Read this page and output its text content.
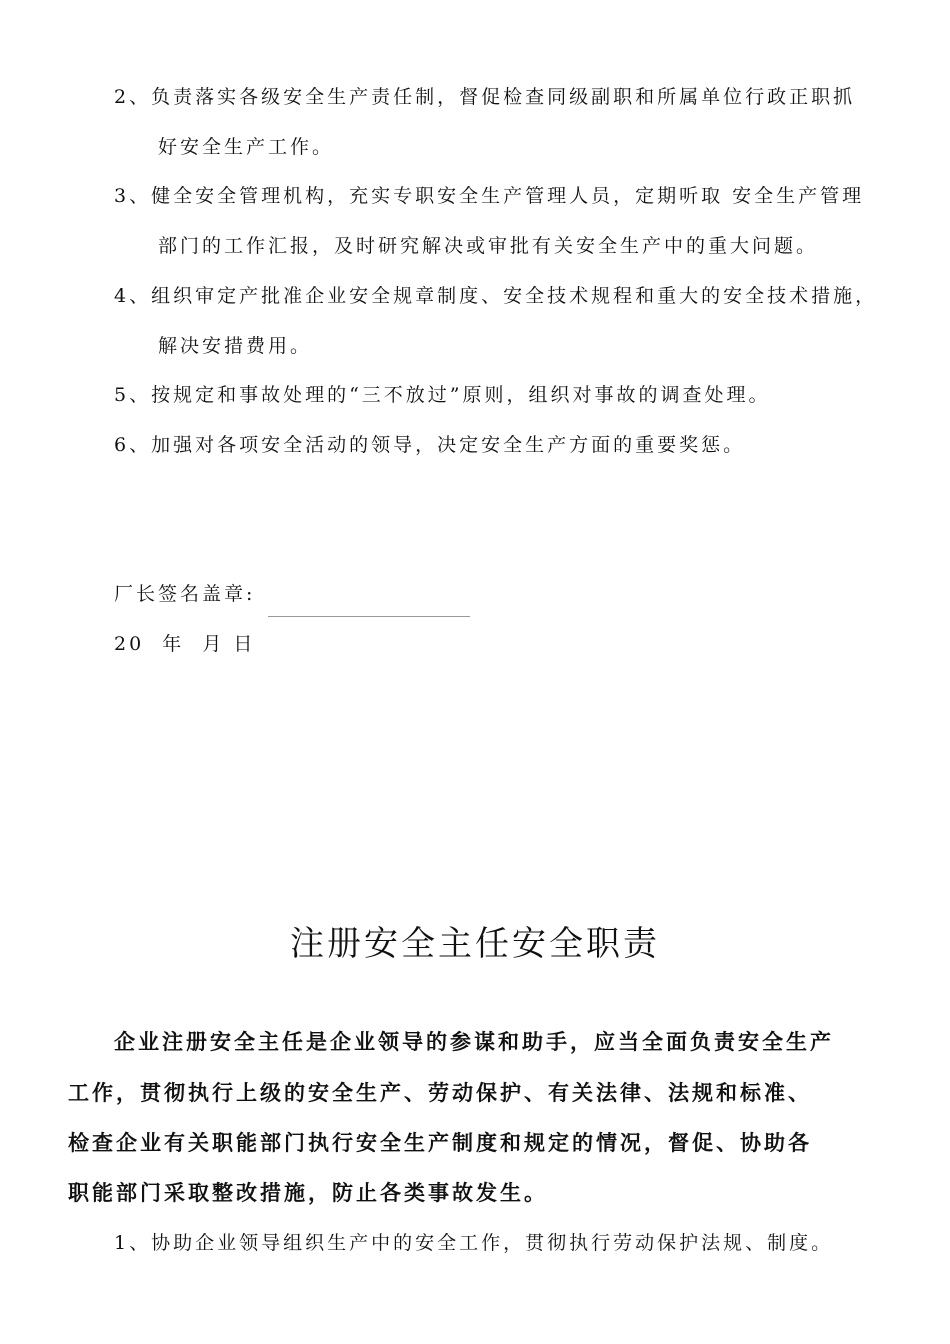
2、负责落实各级安全生产责任制，督促检查同级副职和所属单位行政正职抓
好安全生产工作。
3、健全安全管理机构，充实专职安全生产管理人员，定期听取 安全生产管理
部门的工作汇报，及时研究解决或审批有关安全生产中的重大问题。
4、组织审定产批准企业安全规章制度、安全技术规程和重大的安全技术措施，
解决安措费用。
5、按规定和事故处理的“三不放过”原则，组织对事故的调查处理。
6、加强对各项安全活动的领导，决定安全生产方面的重要奖惩。
厂长签名盖章:
20  年  月 日
注册安全主任安全职责
企业注册安全主任是企业领导的参谋和助手，应当全面负责安全生产
工作，贯彻执行上级的安全生产、劳动保护、有关法律、法规和标准、
检查企业有关职能部门执行安全生产制度和规定的情况，督促、协助各
职能部门采取整改措施，防止各类事故发生。
1、协助企业领导组织生产中的安全工作，贯彻执行劳动保护法规、制度。
